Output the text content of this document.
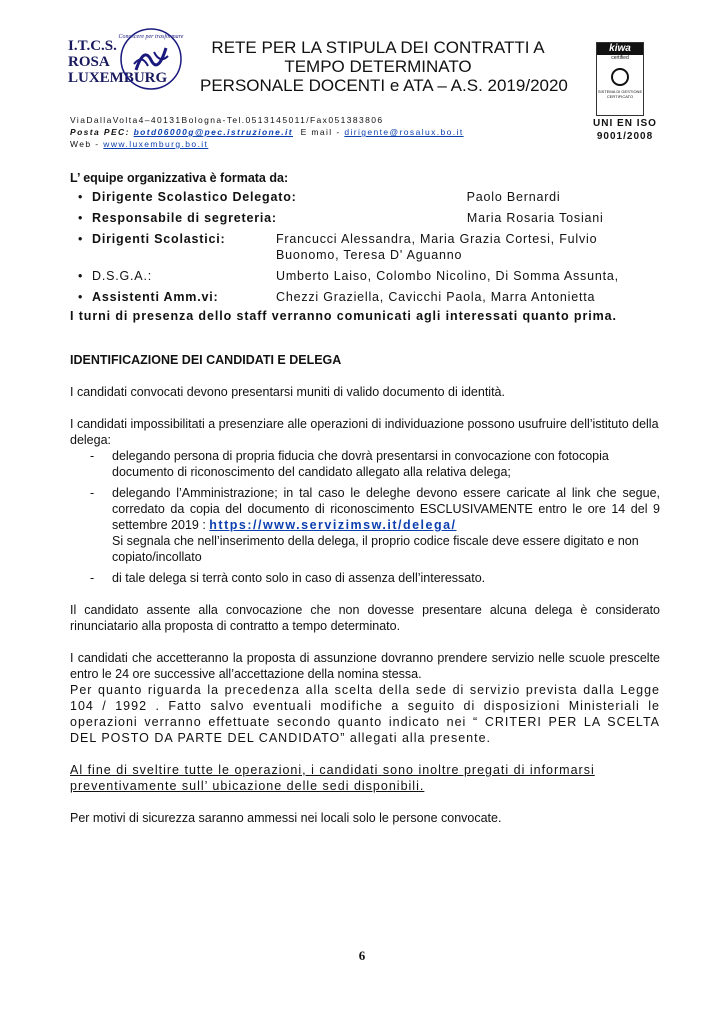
I.T.C.S.
ROSA
LUXEMBURG
Conoscere per trasformare
RETE PER LA STIPULA DEI CONTRATTI A
TEMPO DETERMINATO
PERSONALE DOCENTI e ATA – A.S. 2019/2020
kiwa
certified
SISTEMA DI GESTIONE CERTIFICATO
UNI EN ISO
9001/2008
ViaDallaVolta4–40131Bologna-Tel.0513145011/Fax051383806
Posta PEC: botd06000g@pec.istruzione.it E mail - dirigente@rosalux.bo.it
Web - www.luxemburg.bo.it
L’ equipe organizzativa è formata da:
• Dirigente Scolastico Delegato:	Paolo Bernardi
• Responsabile di segreteria:	Maria Rosaria Tosiani
• Dirigenti Scolastici:	Francucci Alessandra, Maria Grazia Cortesi, Fulvio Buonomo, Teresa D' Aguanno
• D.S.G.A.:	Umberto Laiso, Colombo Nicolino, Di Somma Assunta,
• Assistenti Amm.vi:	Chezzi Graziella, Cavicchi Paola, Marra Antonietta
I turni di presenza dello staff verranno comunicati agli interessati quanto prima.
IDENTIFICAZIONE DEI CANDIDATI E DELEGA

I candidati convocati devono presentarsi muniti di valido documento di identità.

I candidati impossibilitati a presenziare alle operazioni di individuazione possono usufruire dell’istituto della delega:

- delegando persona di propria fiducia che dovrà presentarsi in convocazione con fotocopia documento di riconoscimento del candidato allegato alla relativa delega;
- delegando l’Amministrazione; in tal caso le deleghe devono essere caricate al link che segue, corredato da copia del documento di riconoscimento ESCLUSIVAMENTE entro le ore 14 del 9 settembre 2019 : https://www.servizimsw.it/delega/
Si segnala che nell’inserimento della delega, il proprio codice fiscale deve essere digitato e non copiato/incollato
- di tale delega si terrà conto solo in caso di assenza dell’interessato.

Il candidato assente alla convocazione che non dovesse presentare alcuna delega è considerato rinunciatario alla proposta di contratto a tempo determinato.

I candidati che accetteranno la proposta di assunzione dovranno prendere servizio nelle scuole prescelte entro le 24 ore successive all’accettazione della nomina stessa.

Per quanto riguarda la precedenza alla scelta della sede di servizio prevista dalla Legge 104 / 1992 . Fatto salvo eventuali modifiche a seguito di disposizioni Ministeriali le operazioni verranno effettuate secondo quanto indicato nei “ CRITERI PER LA SCELTA DEL POSTO DA PARTE DEL CANDIDATO” allegati alla presente.

Al fine di sveltire tutte le operazioni, i candidati sono inoltre pregati di informarsi preventivamente sull’ ubicazione delle sedi disponibili.

Per motivi di sicurezza saranno ammessi nei locali solo le persone convocate.

6
